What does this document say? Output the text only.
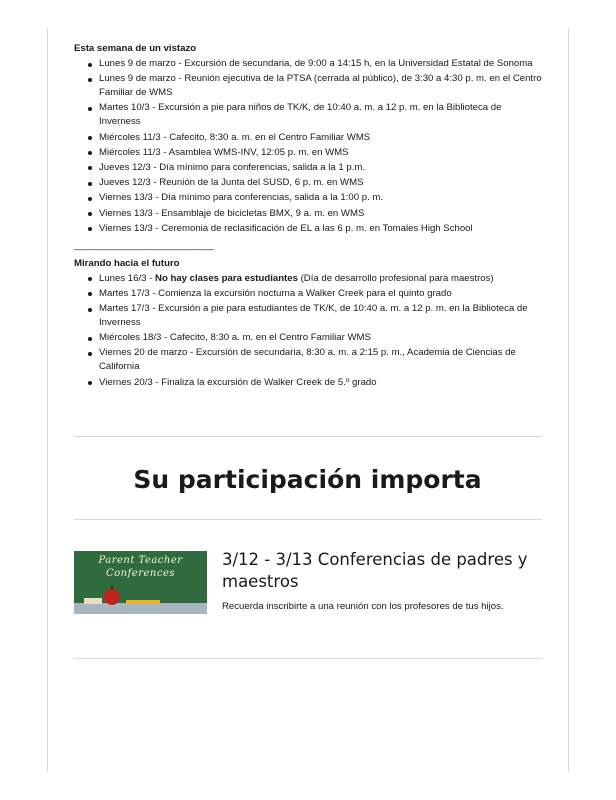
Esta semana de un vistazo
Lunes 9 de marzo - Excursión de secundaria, de 9:00 a 14:15 h, en la Universidad Estatal de Sonoma
Lunes 9 de marzo - Reunión ejecutiva de la PTSA (cerrada al público), de 3:30 a 4:30 p. m. en el Centro Familiar de WMS
Martes 10/3 - Excursión a pie para niños de TK/K, de 10:40 a. m. a 12 p. m. en la Biblioteca de Inverness
Miércoles 11/3 - Cafecito, 8:30 a. m. en el Centro Familiar WMS
Miércoles 11/3 - Asamblea WMS-INV, 12:05 p. m. en WMS
Jueves 12/3 - Día mínimo para conferencias, salida a la 1 p.m.
Jueves 12/3 - Reunión de la Junta del SUSD, 6 p. m. en WMS
Viernes 13/3 - Día mínimo para conferencias, salida a la 1:00 p. m.
Viernes 13/3 - Ensamblaje de bicicletas BMX, 9 a. m. en WMS
Viernes 13/3 - Ceremonia de reclasificación de EL a las 6 p. m. en Tomales High School
________________________________
Mirando hacia el futuro
Lunes 16/3 - No hay clases para estudiantes (Día de desarrollo profesional para maestros)
Martes 17/3 - Comienza la excursión nocturna a Walker Creek para el quinto grado
Martes 17/3 - Excursión a pie para estudiantes de TK/K, de 10:40 a. m. a 12 p. m. en la Biblioteca de Inverness
Miércoles 18/3 - Cafecito, 8:30 a. m. en el Centro Familiar WMS
Viernes 20 de marzo - Excursión de secundaria, 8:30 a. m. a 2:15 p. m., Academia de Ciencias de California
Viernes 20/3 - Finaliza la excursión de Walker Creek de 5.º grado
Su participación importa
Parent Teacher
Conferences
3/12 - 3/13 Conferencias de padres y maestros
Recuerda inscribirte a una reunión con los profesores de tus hijos.
